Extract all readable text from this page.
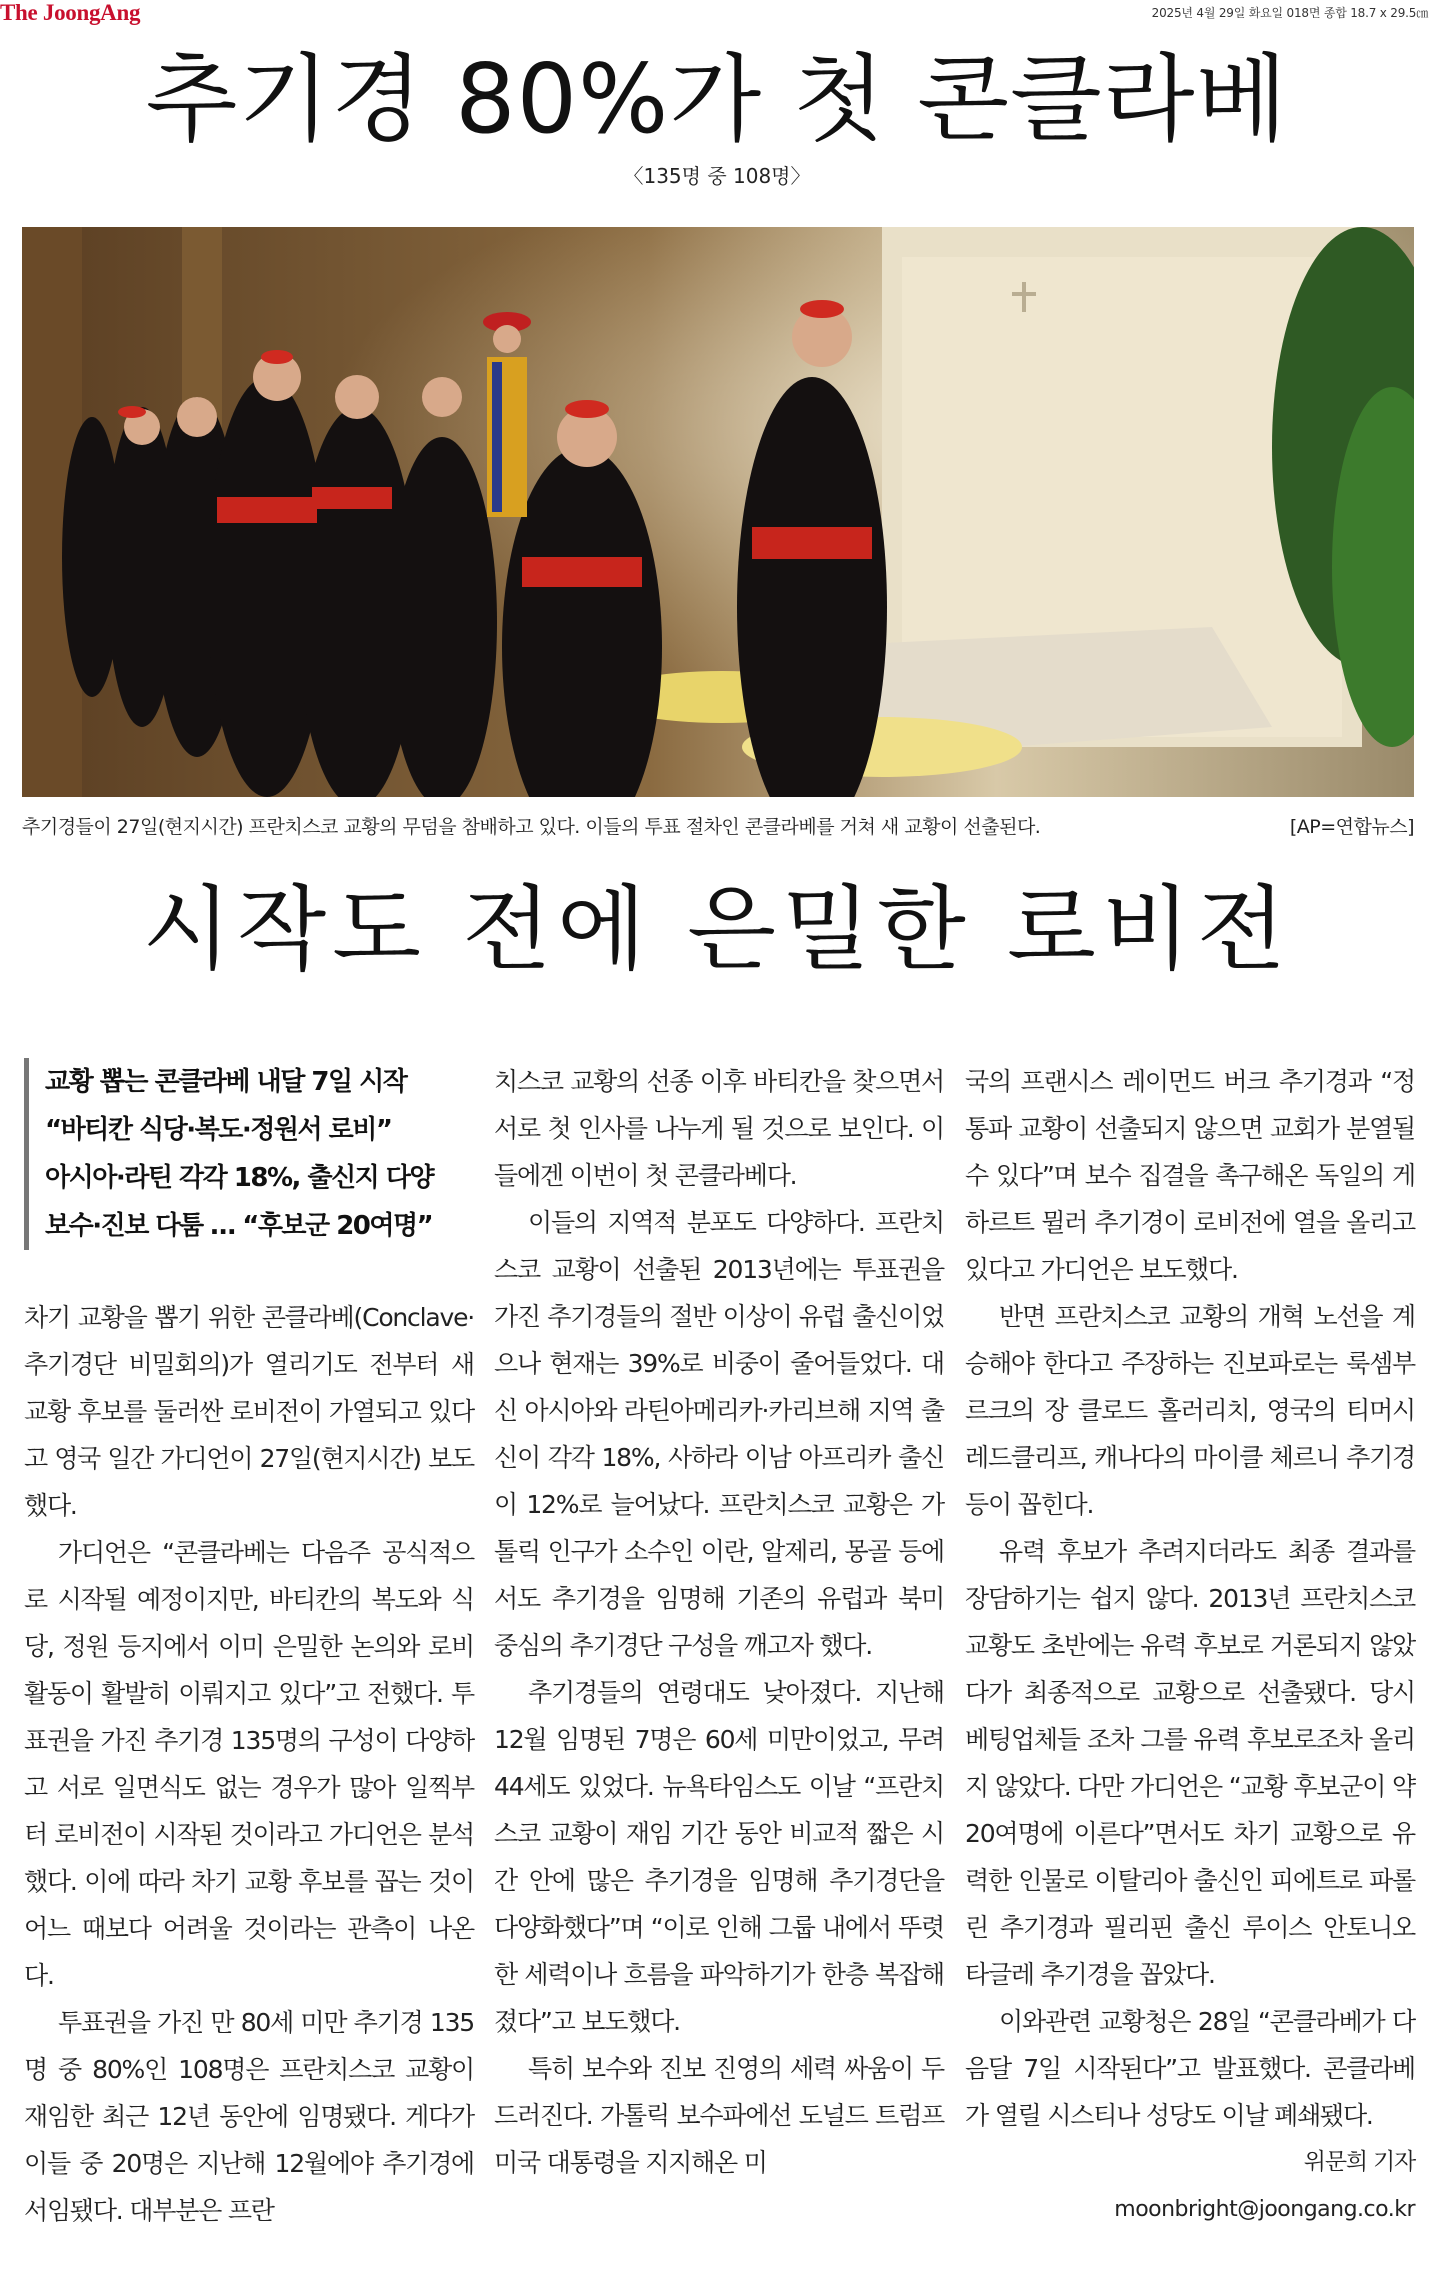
The JoongAng	2025년 4월 29일 화요일 018면 종합 18.7 x 29.5㎝
추기경 80%가 첫 콘클라베
〈135명 중 108명〉
추기경들이 27일(현지시간) 프란치스코 교황의 무덤을 참배하고 있다. 이들의 투표 절차인 콘클라베를 거쳐 새 교황이 선출된다.	[AP=연합뉴스]
시작도 전에 은밀한 로비전
교황 뽑는 콘클라베 내달 7일 시작
“바티칸 식당·복도·정원서 로비”
아시아·라틴 각각 18%, 출신지 다양
보수·진보 다툼 … “후보군 20여명”

차기 교황을 뽑기 위한 콘클라베(Conclave·추기경단 비밀회의)가 열리기도 전부터 새 교황 후보를 둘러싼 로비전이 가열되고 있다고 영국 일간 가디언이 27일(현지시간) 보도했다.

가디언은 “콘클라베는 다음주 공식적으로 시작될 예정이지만, 바티칸의 복도와 식당, 정원 등지에서 이미 은밀한 논의와 로비 활동이 활발히 이뤄지고 있다”고 전했다. 투표권을 가진 추기경 135명의 구성이 다양하고 서로 일면식도 없는 경우가 많아 일찍부터 로비전이 시작된 것이라고 가디언은 분석했다. 이에 따라 차기 교황 후보를 꼽는 것이 어느 때보다 어려울 것이라는 관측이 나온다.

투표권을 가진 만 80세 미만 추기경 135명 중 80%인 108명은 프란치스코 교황이 재임한 최근 12년 동안에 임명됐다. 게다가 이들 중 20명은 지난해 12월에야 추기경에 서임됐다. 대부분은 프란

치스코 교황의 선종 이후 바티칸을 찾으면서 서로 첫 인사를 나누게 될 것으로 보인다. 이들에겐 이번이 첫 콘클라베다.

이들의 지역적 분포도 다양하다. 프란치스코 교황이 선출된 2013년에는 투표권을 가진 추기경들의 절반 이상이 유럽 출신이었으나 현재는 39%로 비중이 줄어들었다. 대신 아시아와 라틴아메리카·카리브해 지역 출신이 각각 18%, 사하라 이남 아프리카 출신이 12%로 늘어났다. 프란치스코 교황은 가톨릭 인구가 소수인 이란, 알제리, 몽골 등에서도 추기경을 임명해 기존의 유럽과 북미 중심의 추기경단 구성을 깨고자 했다.

추기경들의 연령대도 낮아졌다. 지난해 12월 임명된 7명은 60세 미만이었고, 무려 44세도 있었다. 뉴욕타임스도 이날 “프란치스코 교황이 재임 기간 동안 비교적 짧은 시간 안에 많은 추기경을 임명해 추기경단을 다양화했다”며 “이로 인해 그룹 내에서 뚜렷한 세력이나 흐름을 파악하기가 한층 복잡해졌다”고 보도했다.

특히 보수와 진보 진영의 세력 싸움이 두드러진다. 가톨릭 보수파에선 도널드 트럼프 미국 대통령을 지지해온 미

국의 프랜시스 레이먼드 버크 추기경과 “정통파 교황이 선출되지 않으면 교회가 분열될 수 있다”며 보수 집결을 촉구해온 독일의 게하르트 뮐러 추기경이 로비전에 열을 올리고 있다고 가디언은 보도했다.

반면 프란치스코 교황의 개혁 노선을 계승해야 한다고 주장하는 진보파로는 룩셈부르크의 장 클로드 홀러리치, 영국의 티머시 레드클리프, 캐나다의 마이클 체르니 추기경 등이 꼽힌다.

유력 후보가 추려지더라도 최종 결과를 장담하기는 쉽지 않다. 2013년 프란치스코 교황도 초반에는 유력 후보로 거론되지 않았다가 최종적으로 교황으로 선출됐다. 당시 베팅업체들 조차 그를 유력 후보로조차 올리지 않았다. 다만 가디언은 “교황 후보군이 약 20여명에 이른다”면서도 차기 교황으로 유력한 인물로 이탈리아 출신인 피에트로 파롤린 추기경과 필리핀 출신 루이스 안토니오 타글레 추기경을 꼽았다.

이와관련 교황청은 28일 “콘클라베가 다음달 7일 시작된다”고 발표했다. 콘클라베가 열릴 시스티나 성당도 이날 폐쇄됐다.

위문희 기자
moonbright@joongang.co.kr
